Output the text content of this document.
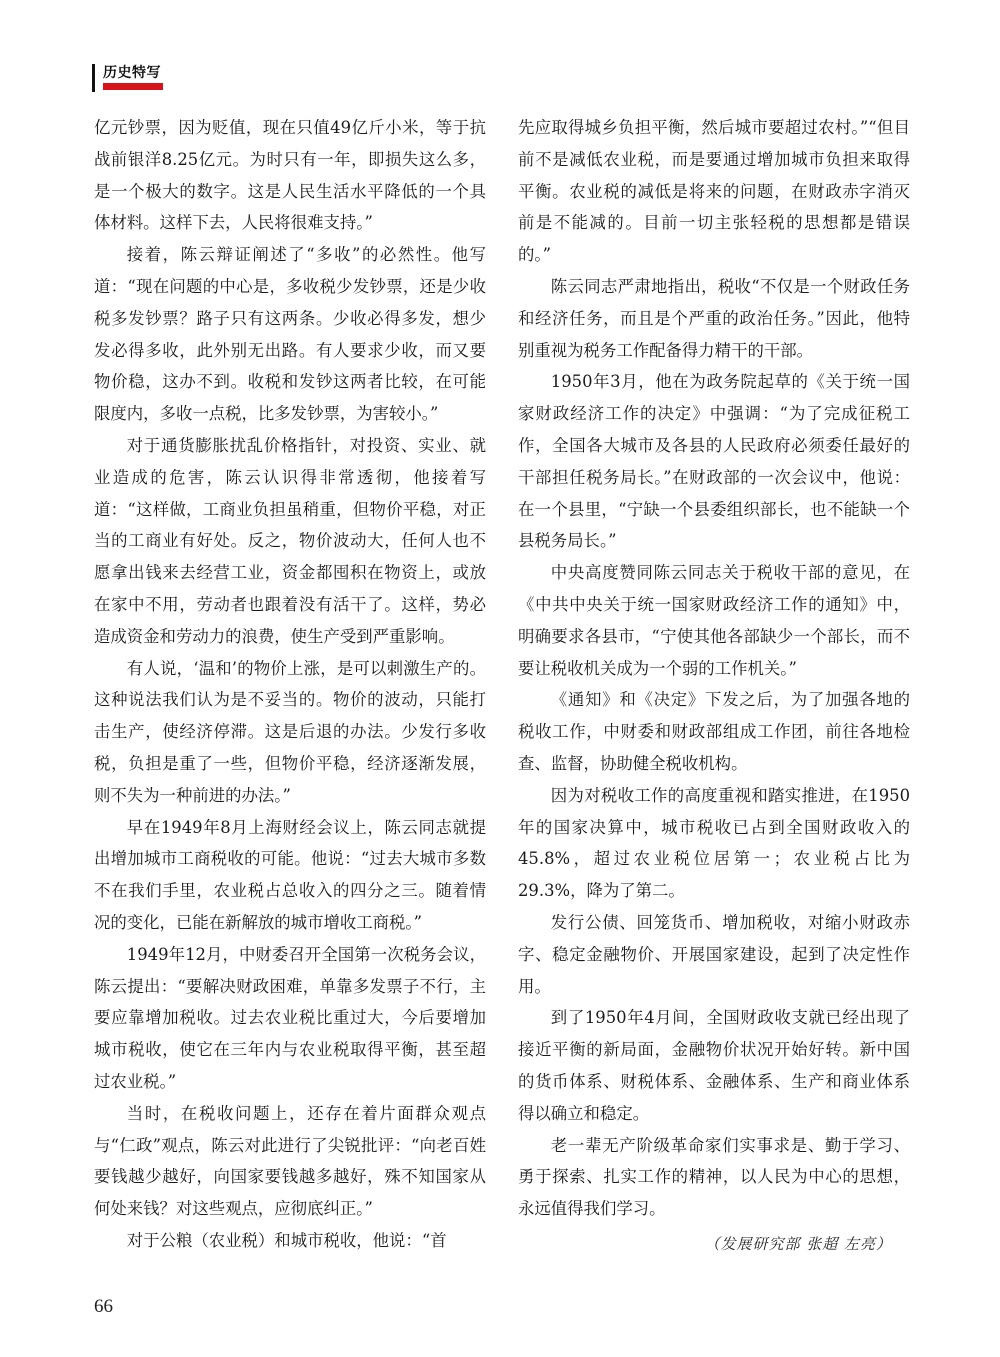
历史特写

亿元钞票，因为贬值，现在只值49亿斤小米，等于抗战前银洋8.25亿元。为时只有一年，即损失这么多，是一个极大的数字。这是人民生活水平降低的一个具体材料。这样下去，人民将很难支持。”

接着，陈云辩证阐述了“多收”的必然性。他写道：“现在问题的中心是，多收税少发钞票，还是少收税多发钞票？路子只有这两条。少收必得多发，想少发必得多收，此外别无出路。有人要求少收，而又要物价稳，这办不到。收税和发钞这两者比较，在可能限度内，多收一点税，比多发钞票，为害较小。”

对于通货膨胀扰乱价格指针，对投资、实业、就业造成的危害，陈云认识得非常透彻，他接着写道：“这样做，工商业负担虽稍重，但物价平稳，对正当的工商业有好处。反之，物价波动大，任何人也不愿拿出钱来去经营工业，资金都囤积在物资上，或放在家中不用，劳动者也跟着没有活干了。这样，势必造成资金和劳动力的浪费，使生产受到严重影响。

有人说，‘温和’的物价上涨，是可以刺激生产的。这种说法我们认为是不妥当的。物价的波动，只能打击生产，使经济停滞。这是后退的办法。少发行多收税，负担是重了一些，但物价平稳，经济逐渐发展，则不失为一种前进的办法。”

早在1949年8月上海财经会议上，陈云同志就提出增加城市工商税收的可能。他说：“过去大城市多数不在我们手里，农业税占总收入的四分之三。随着情况的变化，已能在新解放的城市增收工商税。”

1949年12月，中财委召开全国第一次税务会议，陈云提出：“要解决财政困难，单靠多发票子不行，主要应靠增加税收。过去农业税比重过大，今后要增加城市税收，使它在三年内与农业税取得平衡，甚至超过农业税。”

当时，在税收问题上，还存在着片面群众观点与“仁政”观点，陈云对此进行了尖锐批评：“向老百姓要钱越少越好，向国家要钱越多越好，殊不知国家从何处来钱？对这些观点，应彻底纠正。”

对于公粮（农业税）和城市税收，他说：“首

先应取得城乡负担平衡，然后城市要超过农村。”“但目前不是减低农业税，而是要通过增加城市负担来取得平衡。农业税的减低是将来的问题，在财政赤字消灭前是不能减的。目前一切主张轻税的思想都是错误的。”

陈云同志严肃地指出，税收“不仅是一个财政任务和经济任务，而且是个严重的政治任务。”因此，他特别重视为税务工作配备得力精干的干部。

1950年3月，他在为政务院起草的《关于统一国家财政经济工作的决定》中强调：“为了完成征税工作，全国各大城市及各县的人民政府必须委任最好的干部担任税务局长。”在财政部的一次会议中，他说：在一个县里，“宁缺一个县委组织部长，也不能缺一个县税务局长。”

中央高度赞同陈云同志关于税收干部的意见，在《中共中央关于统一国家财政经济工作的通知》中，明确要求各县市，“宁使其他各部缺少一个部长，而不要让税收机关成为一个弱的工作机关。”

《通知》和《决定》下发之后，为了加强各地的税收工作，中财委和财政部组成工作团，前往各地检查、监督，协助健全税收机构。

因为对税收工作的高度重视和踏实推进，在1950年的国家决算中，城市税收已占到全国财政收入的45.8%，超过农业税位居第一；农业税占比为29.3%，降为了第二。

发行公债、回笼货币、增加税收，对缩小财政赤字、稳定金融物价、开展国家建设，起到了决定性作用。

到了1950年4月间，全国财政收支就已经出现了接近平衡的新局面，金融物价状况开始好转。新中国的货币体系、财税体系、金融体系、生产和商业体系得以确立和稳定。

老一辈无产阶级革命家们实事求是、勤于学习、勇于探索、扎实工作的精神，以人民为中心的思想，永远值得我们学习。

（发展研究部 张超 左亮）
66
